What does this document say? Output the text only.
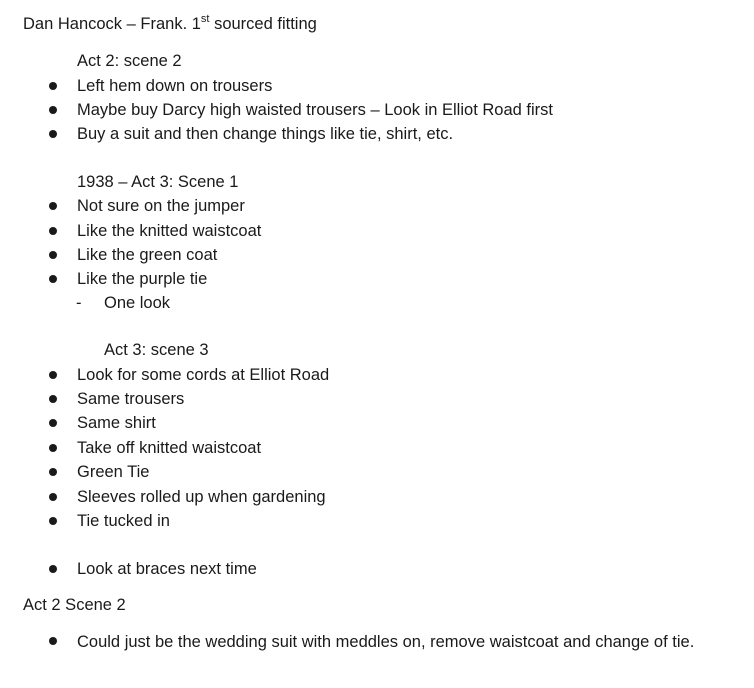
Dan Hancock – Frank. 1st sourced fitting
Act 2: scene 2
Left hem down on trousers
Maybe buy Darcy high waisted trousers – Look in Elliot Road first
Buy a suit and then change things like tie, shirt, etc.
1938 – Act 3: Scene 1
Not sure on the jumper
Like the knitted waistcoat
Like the green coat
Like the purple tie
- One look
Act 3: scene 3
Look for some cords at Elliot Road
Same trousers
Same shirt
Take off knitted waistcoat
Green Tie
Sleeves rolled up when gardening
Tie tucked in
Look at braces next time
Act 2 Scene 2
Could just be the wedding suit with meddles on, remove waistcoat and change of tie.
